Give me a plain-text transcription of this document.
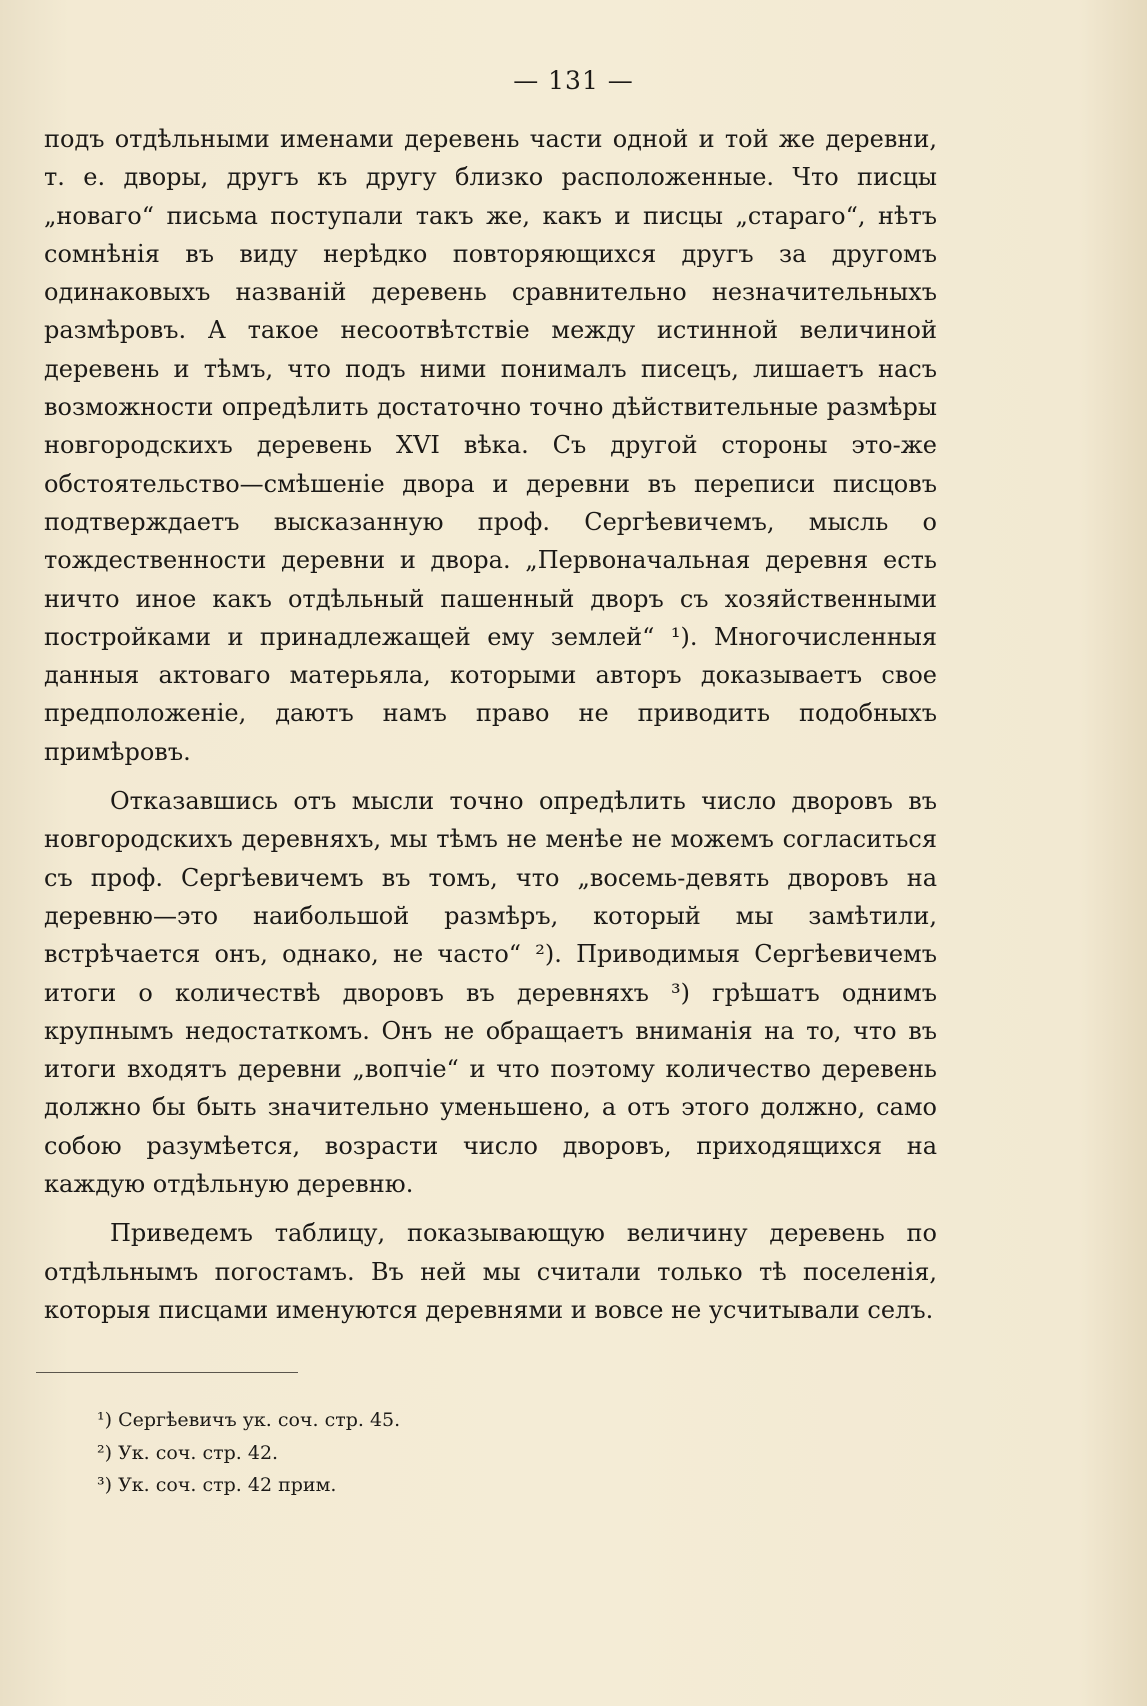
— 131 —

подъ отдѣльными именами деревень части одной и той же деревни, т. е. дворы, другъ къ другу близко расположенные. Что писцы „новаго“ письма поступали такъ же, какъ и писцы „стараго“, нѣтъ сомнѣнія въ виду нерѣдко повторяющихся другъ за другомъ одинаковыхъ названій деревень сравнительно незначительныхъ размѣровъ. А такое несоотвѣтствіе между истинной величиной деревень и тѣмъ, что подъ ними понималъ писецъ, лишаетъ насъ возможности опредѣлить достаточно точно дѣйствительные размѣры новгородскихъ деревень XVI вѣка. Съ другой стороны это-же обстоятельство—смѣшеніе двора и деревни въ переписи писцовъ подтверждаетъ высказанную проф. Сергѣевичемъ, мысль о тождественности деревни и двора. „Первоначальная деревня есть ничто иное какъ отдѣльный пашенный дворъ съ хозяйственными постройками и принадлежащей ему землей“ ¹). Многочисленныя данныя актоваго матерьяла, которыми авторъ доказываетъ свое предположеніе, даютъ намъ право не приводить подобныхъ примѣровъ.

Отказавшись отъ мысли точно опредѣлить число дворовъ въ новгородскихъ деревняхъ, мы тѣмъ не менѣе не можемъ согласиться съ проф. Сергѣевичемъ въ томъ, что „восемь-девять дворовъ на деревню—это наибольшой размѣръ, который мы замѣтили, встрѣчается онъ, однако, не часто“ ²). Приводимыя Сергѣевичемъ итоги о количествѣ дворовъ въ деревняхъ ³) грѣшатъ однимъ крупнымъ недостаткомъ. Онъ не обращаетъ вниманія на то, что въ итоги входятъ деревни „вопчіе“ и что поэтому количество деревень должно бы быть значительно уменьшено, а отъ этого должно, само собою разумѣется, возрасти число дворовъ, приходящихся на каждую отдѣльную деревню.

Приведемъ таблицу, показывающую величину деревень по отдѣльнымъ погостамъ. Въ ней мы считали только тѣ поселенія, которыя писцами именуются деревнями и вовсе не усчитывали селъ.

¹) Сергѣевичъ ук. соч. стр. 45.
²) Ук. соч. стр. 42.
³) Ук. соч. стр. 42 прим.
